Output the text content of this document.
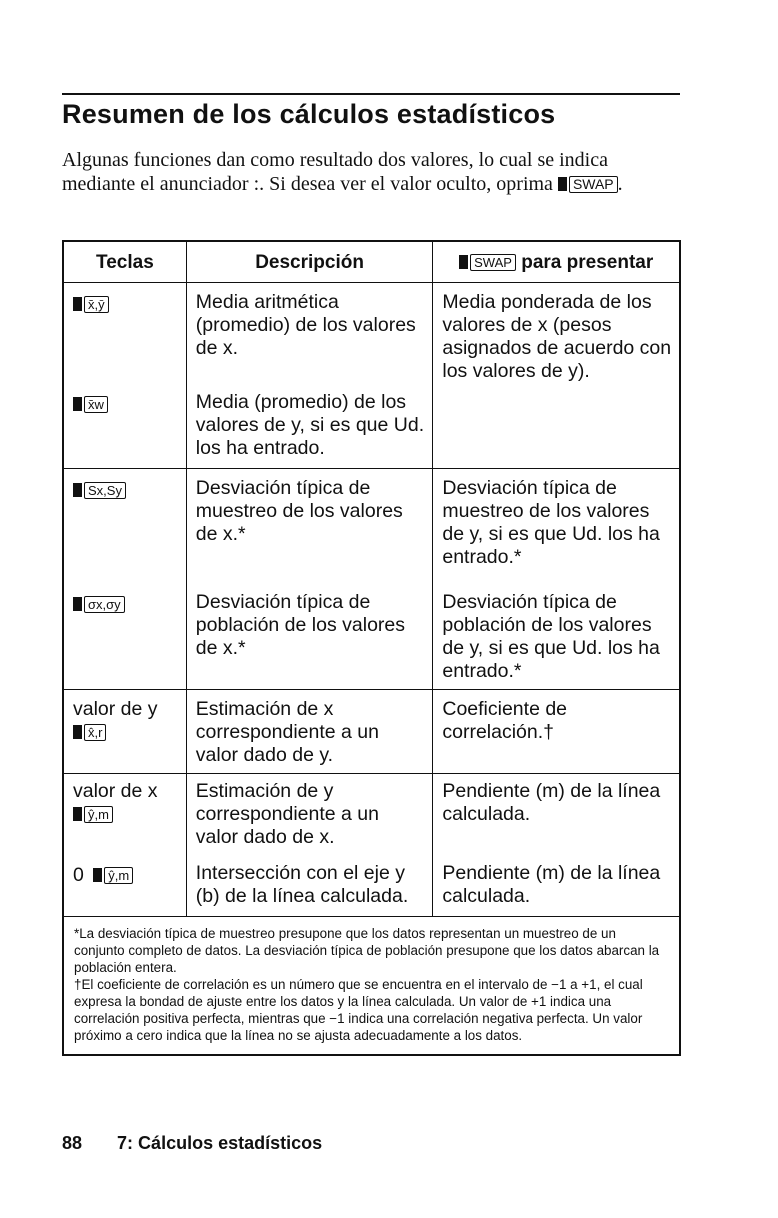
Resumen de los cálculos estadísticos
Algunas funciones dan como resultado dos valores, lo cual se indica mediante el anunciador :. Si desea ver el valor oculto, oprima SWAP .
Teclas	Descripción	SWAP para presentar
x̄,ȳ	Media aritmética (promedio) de los valores de x.	Media ponderada de los valores de x (pesos asignados de acuerdo con los valores de y).
x̄w	Media (promedio) de los valores de y, si es que Ud. los ha entrado.	
Sx,Sy	Desviación típica de muestreo de los valores de x.*	Desviación típica de muestreo de los valores de y, si es que Ud. los ha entrado.*
σx,σy	Desviación típica de población de los valores de x.*	Desviación típica de población de los valores de y, si es que Ud. los ha entrado.*

valor de y
x̂,r	Estimación de x correspondiente a un valor dado de y.	Coeficiente de correlación.†

valor de x
ŷ,m	Estimación de y correspondiente a un valor dado de x.	Pendiente (m) de la línea calculada.
0 ŷ,m	Intersección con el eje y (b) de la línea calculada.	Pendiente (m) de la línea calculada.

*La desviación típica de muestreo presupone que los datos representan un muestreo de un conjunto completo de datos. La desviación típica de población presupone que los datos abarcan la población entera.

†El coeficiente de correlación es un número que se encuentra en el intervalo de −1 a +1, el cual expresa la bondad de ajuste entre los datos y la línea calculada. Un valor de +1 indica una correlación positiva perfecta, mientras que −1 indica una correlación negativa perfecta. Un valor próximo a cero indica que la línea no se ajusta adecuadamente a los datos.		

88 7: Cálculos estadísticos
